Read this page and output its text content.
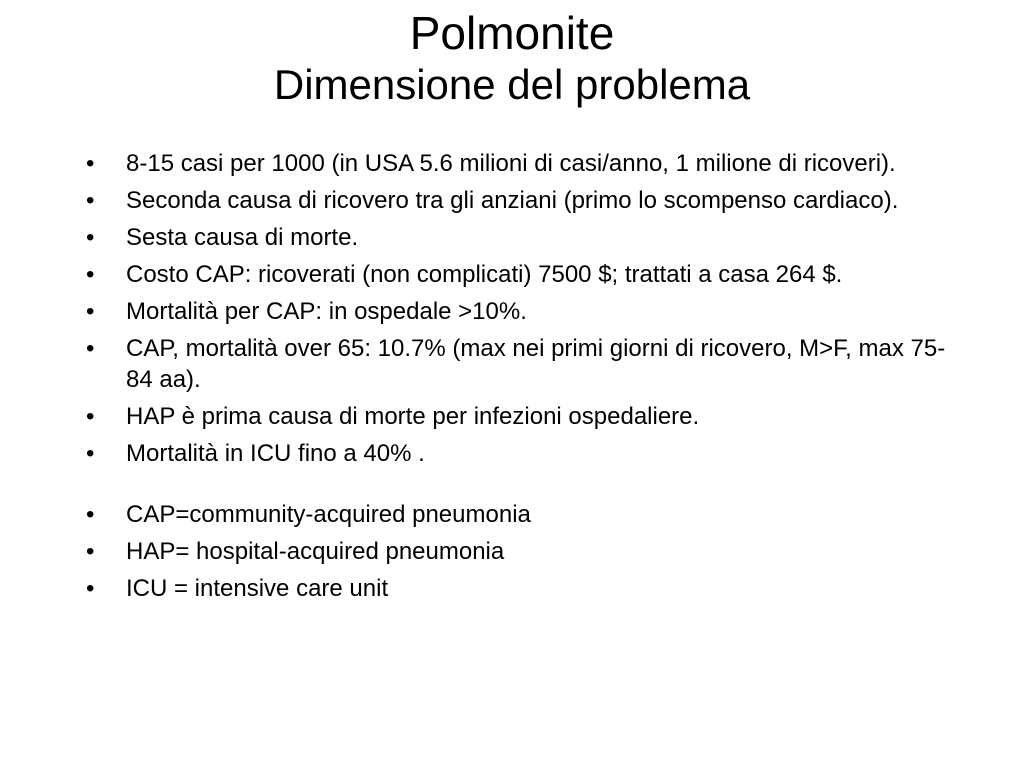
Polmonite
Dimensione del problema
• 8-15 casi per 1000 (in USA 5.6 milioni di casi/anno, 1 milione di ricoveri).
• Seconda causa di ricovero tra gli anziani (primo lo scompenso cardiaco).
• Sesta causa di morte.
• Costo CAP: ricoverati (non complicati) 7500 $; trattati a casa 264 $.
• Mortalità per CAP: in ospedale >10%.
• CAP, mortalità over 65: 10.7% (max nei primi giorni di ricovero, M>F, max 75-84 aa).
• HAP è prima causa di morte per infezioni ospedaliere.
• Mortalità in ICU fino a 40% .
• CAP=community-acquired pneumonia
• HAP= hospital-acquired pneumonia
• ICU = intensive care unit
